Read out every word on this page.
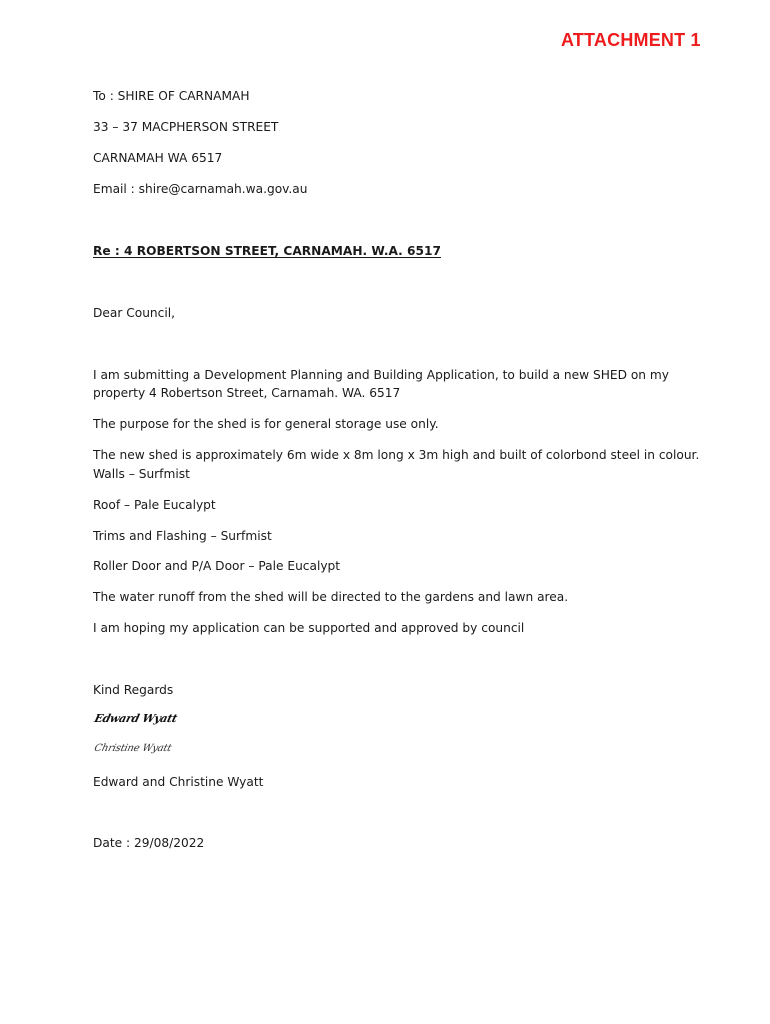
ATTACHMENT 1
To : SHIRE OF CARNAMAH
33 – 37 MACPHERSON STREET
CARNAMAH WA 6517
Email : shire@carnamah.wa.gov.au
Re : 4 ROBERTSON STREET, CARNAMAH. W.A. 6517
Dear Council,
I am submitting a Development Planning and Building Application, to build a new SHED on my
property 4 Robertson Street, Carnamah. WA. 6517
The purpose for the shed is for general storage use only.
The new shed is approximately 6m wide x 8m long x 3m high and built of colorbond steel in colour.
Walls – Surfmist
Roof – Pale Eucalypt
Trims and Flashing – Surfmist
Roller Door and P/A Door – Pale Eucalypt
The water runoff from the shed will be directed to the gardens and lawn area.
I am hoping my application can be supported and approved by council
Kind Regards
Edward Wyatt
Christine Wyatt
Edward and Christine Wyatt
Date : 29/08/2022
